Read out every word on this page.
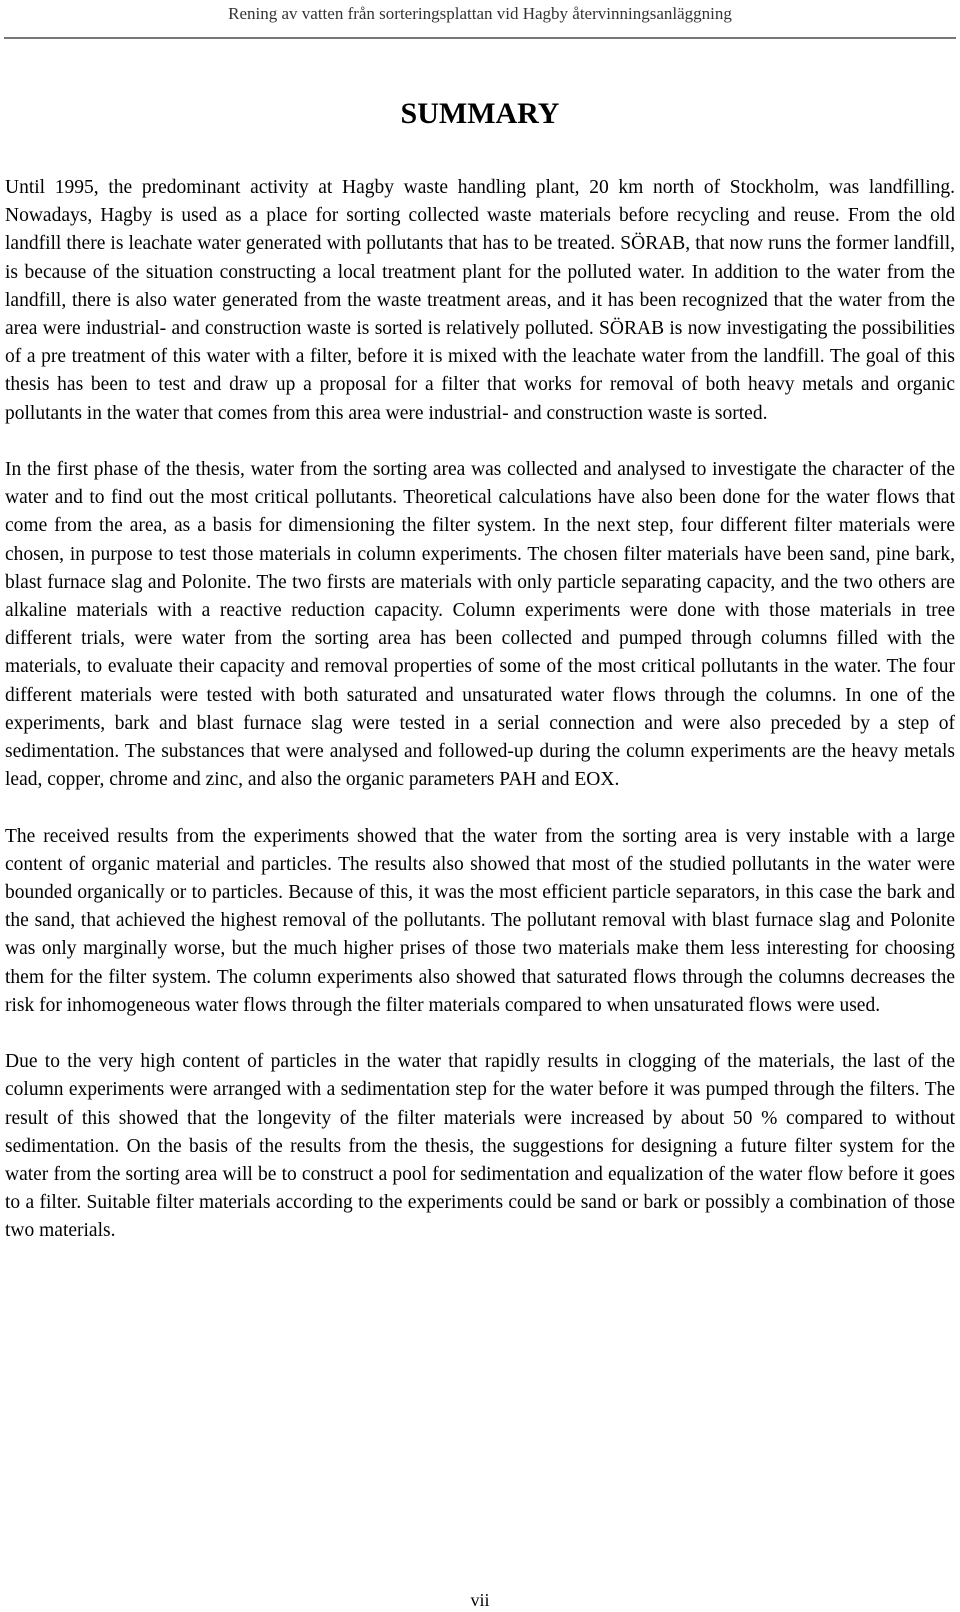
Rening av vatten från sorteringsplattan vid Hagby återvinningsanläggning
SUMMARY

Until 1995, the predominant activity at Hagby waste handling plant, 20 km north of Stockholm, was landfilling. Nowadays, Hagby is used as a place for sorting collected waste materials before recycling and reuse. From the old landfill there is leachate water generated with pollutants that has to be treated. SÖRAB, that now runs the former landfill, is because of the situation constructing a local treatment plant for the polluted water. In addition to the water from the landfill, there is also water generated from the waste treatment areas, and it has been recognized that the water from the area were industrial- and construction waste is sorted is relatively polluted. SÖRAB is now investigating the possibilities of a pre treatment of this water with a filter, before it is mixed with the leachate water from the landfill. The goal of this thesis has been to test and draw up a proposal for a filter that works for removal of both heavy metals and organic pollutants in the water that comes from this area were industrial- and construction waste is sorted.

In the first phase of the thesis, water from the sorting area was collected and analysed to investigate the character of the water and to find out the most critical pollutants. Theoretical calculations have also been done for the water flows that come from the area, as a basis for dimensioning the filter system. In the next step, four different filter materials were chosen, in purpose to test those materials in column experiments. The chosen filter materials have been sand, pine bark, blast furnace slag and Polonite. The two firsts are materials with only particle separating capacity, and the two others are alkaline materials with a reactive reduction capacity. Column experiments were done with those materials in tree different trials, were water from the sorting area has been collected and pumped through columns filled with the materials, to evaluate their capacity and removal properties of some of the most critical pollutants in the water. The four different materials were tested with both saturated and unsaturated water flows through the columns. In one of the experiments, bark and blast furnace slag were tested in a serial connection and were also preceded by a step of sedimentation. The substances that were analysed and followed-up during the column experiments are the heavy metals lead, copper, chrome and zinc, and also the organic parameters PAH and EOX.

The received results from the experiments showed that the water from the sorting area is very instable with a large content of organic material and particles. The results also showed that most of the studied pollutants in the water were bounded organically or to particles. Because of this, it was the most efficient particle separators, in this case the bark and the sand, that achieved the highest removal of the pollutants. The pollutant removal with blast furnace slag and Polonite was only marginally worse, but the much higher prises of those two materials make them less interesting for choosing them for the filter system. The column experiments also showed that saturated flows through the columns decreases the risk for inhomogeneous water flows through the filter materials compared to when unsaturated flows were used.

Due to the very high content of particles in the water that rapidly results in clogging of the materials, the last of the column experiments were arranged with a sedimentation step for the water before it was pumped through the filters. The result of this showed that the longevity of the filter materials were increased by about 50 % compared to without sedimentation. On the basis of the results from the thesis, the suggestions for designing a future filter system for the water from the sorting area will be to construct a pool for sedimentation and equalization of the water flow before it goes to a filter. Suitable filter materials according to the experiments could be sand or bark or possibly a combination of those two materials.

vii
